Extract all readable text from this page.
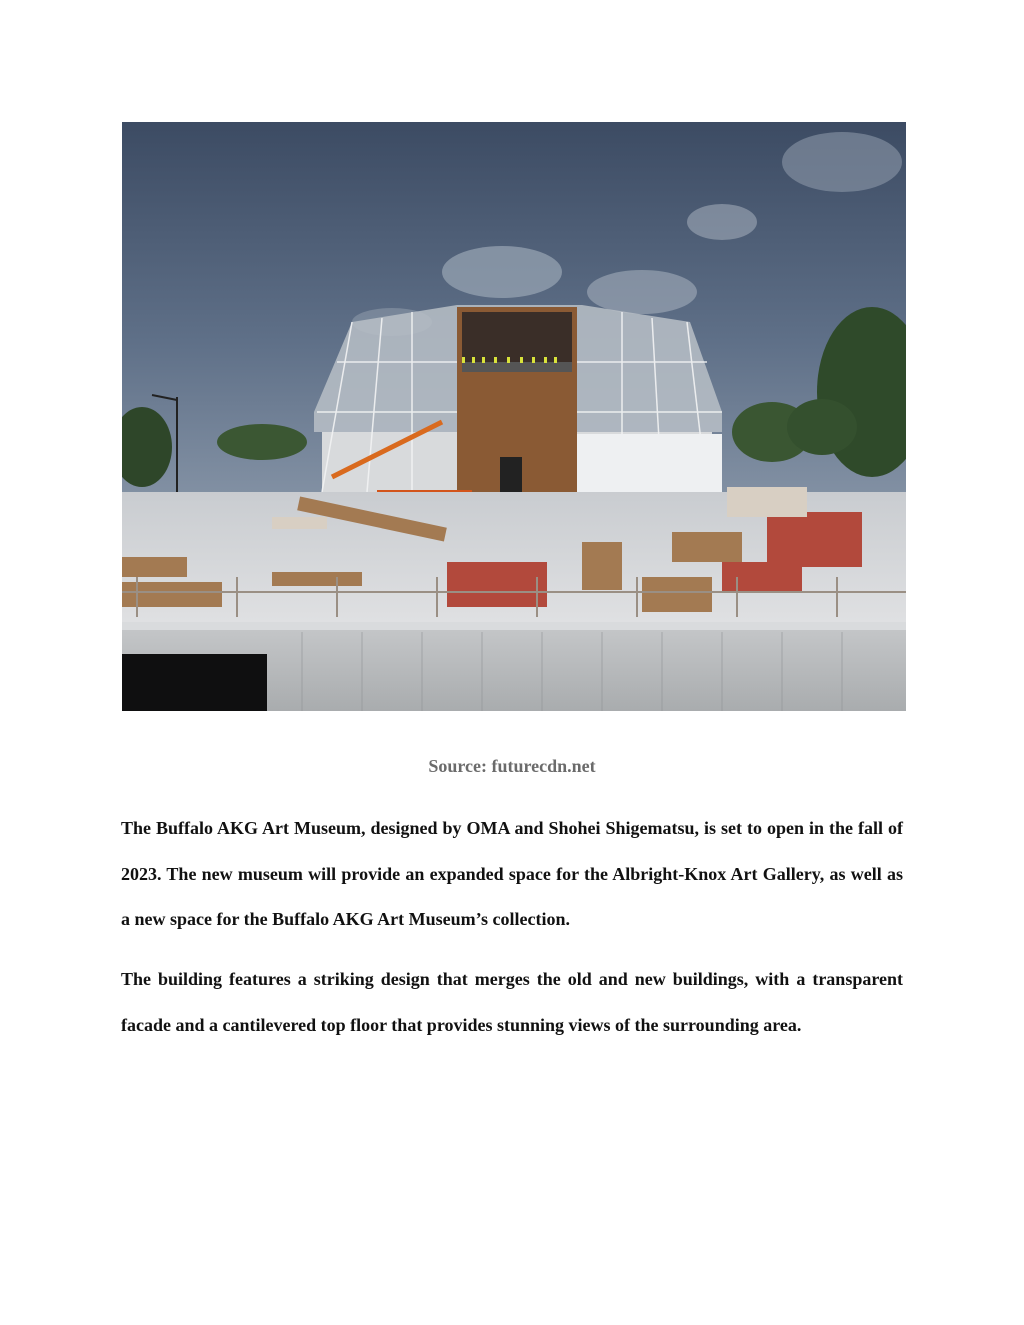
Source: futurecdn.net

The Buffalo AKG Art Museum, designed by OMA and Shohei Shigematsu, is set to open in the fall of 2023. The new museum will provide an expanded space for the Albright-Knox Art Gallery, as well as a new space for the Buffalo AKG Art Museum’s collection.

The building features a striking design that merges the old and new buildings, with a transparent facade and a cantilevered top floor that provides stunning views of the surrounding area.
